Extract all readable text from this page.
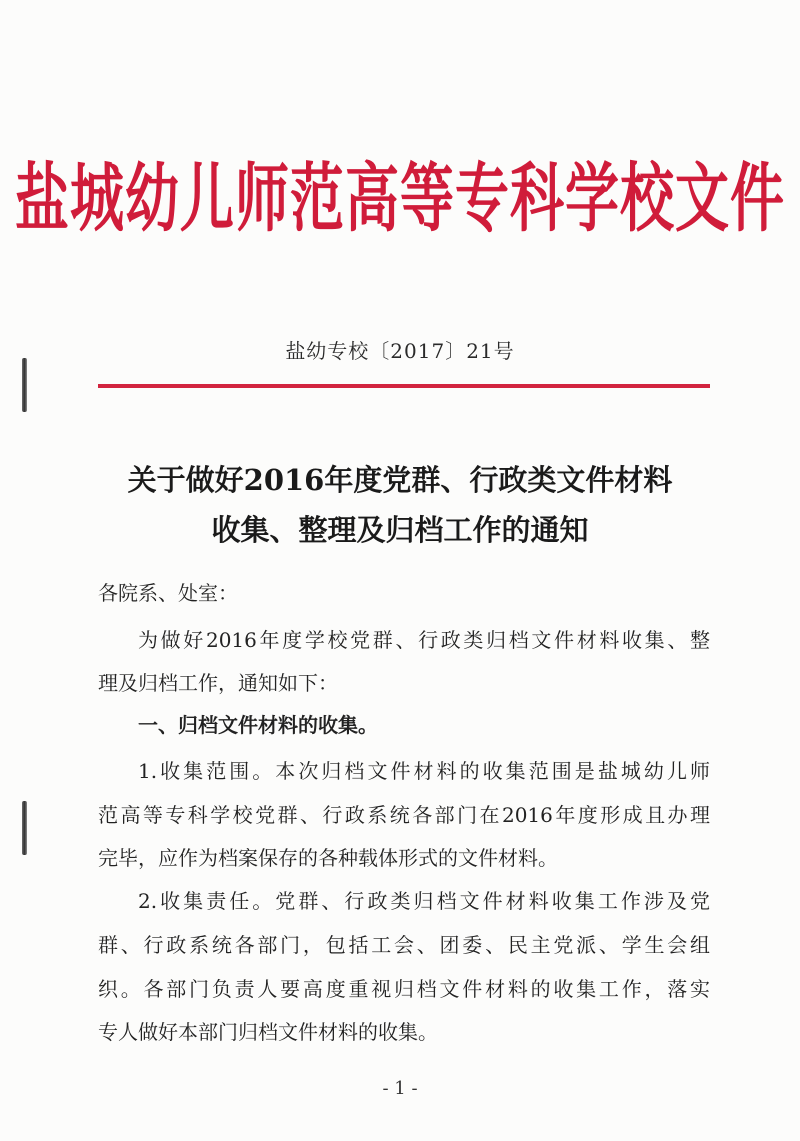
盐城幼儿师范高等专科学校文件
盐幼专校〔2017〕21号
关于做好2016年度党群、行政类文件材料
收集、整理及归档工作的通知
各院系、处室：
为做好2016年度学校党群、行政类归档文件材料收集、整
理及归档工作，通知如下：
一、归档文件材料的收集。
1.收集范围。本次归档文件材料的收集范围是盐城幼儿师
范高等专科学校党群、行政系统各部门在2016年度形成且办理
完毕，应作为档案保存的各种载体形式的文件材料。
2.收集责任。党群、行政类归档文件材料收集工作涉及党
群、行政系统各部门，包括工会、团委、民主党派、学生会组
织。各部门负责人要高度重视归档文件材料的收集工作，落实
专人做好本部门归档文件材料的收集。
- 1 -
